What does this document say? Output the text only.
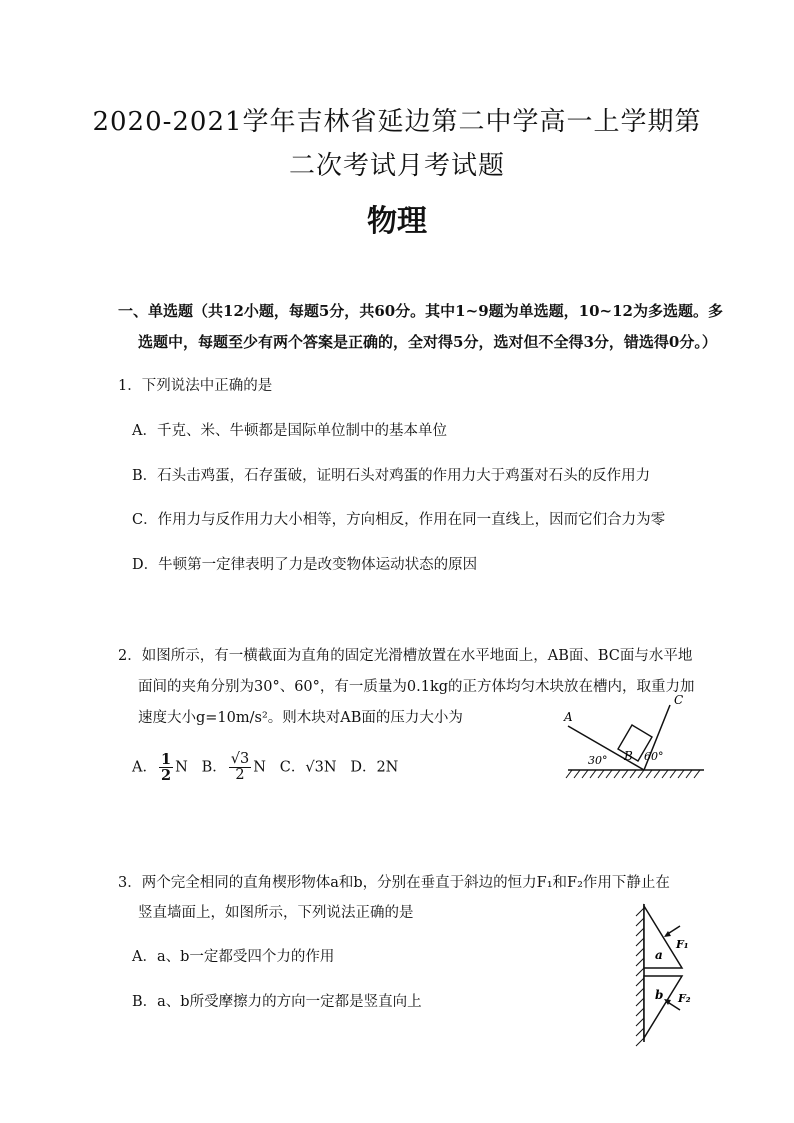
2020-2021学年吉林省延边第二中学高一上学期第
二次考试月考试题
物理
一、单选题（共12小题，每题5分，共60分。其中1~9题为单选题，10~12为多选题。多
选题中，每题至少有两个答案是正确的，全对得5分，选对但不全得3分，错选得0分。）
1．下列说法中正确的是
A．千克、米、牛顿都是国际单位制中的基本单位
B．石头击鸡蛋，石存蛋破，证明石头对鸡蛋的作用力大于鸡蛋对石头的反作用力
C．作用力与反作用力大小相等，方向相反，作用在同一直线上，因而它们合力为零
D．牛顿第一定律表明了力是改变物体运动状态的原因
2．如图所示，有一横截面为直角的固定光滑槽放置在水平地面上，AB面、BC面与水平地
面间的夹角分别为30°、60°，有一质量为0.1kg的正方体均匀木块放在槽内，取重力加
速度大小g=10m/s²。则木块对AB面的压力大小为
A． $\frac{1}{2}$ N B． $\frac{√3}{2}$ N C．√3N D．2N
A
B
C
30°	60°
3．两个完全相同的直角楔形物体a和b，分别在垂直于斜边的恒力F₁和F₂作用下静止在
竖直墙面上，如图所示，下列说法正确的是
A．a、b一定都受四个力的作用
B．a、b所受摩擦力的方向一定都是竖直向上
a
b
F₁
F₂
